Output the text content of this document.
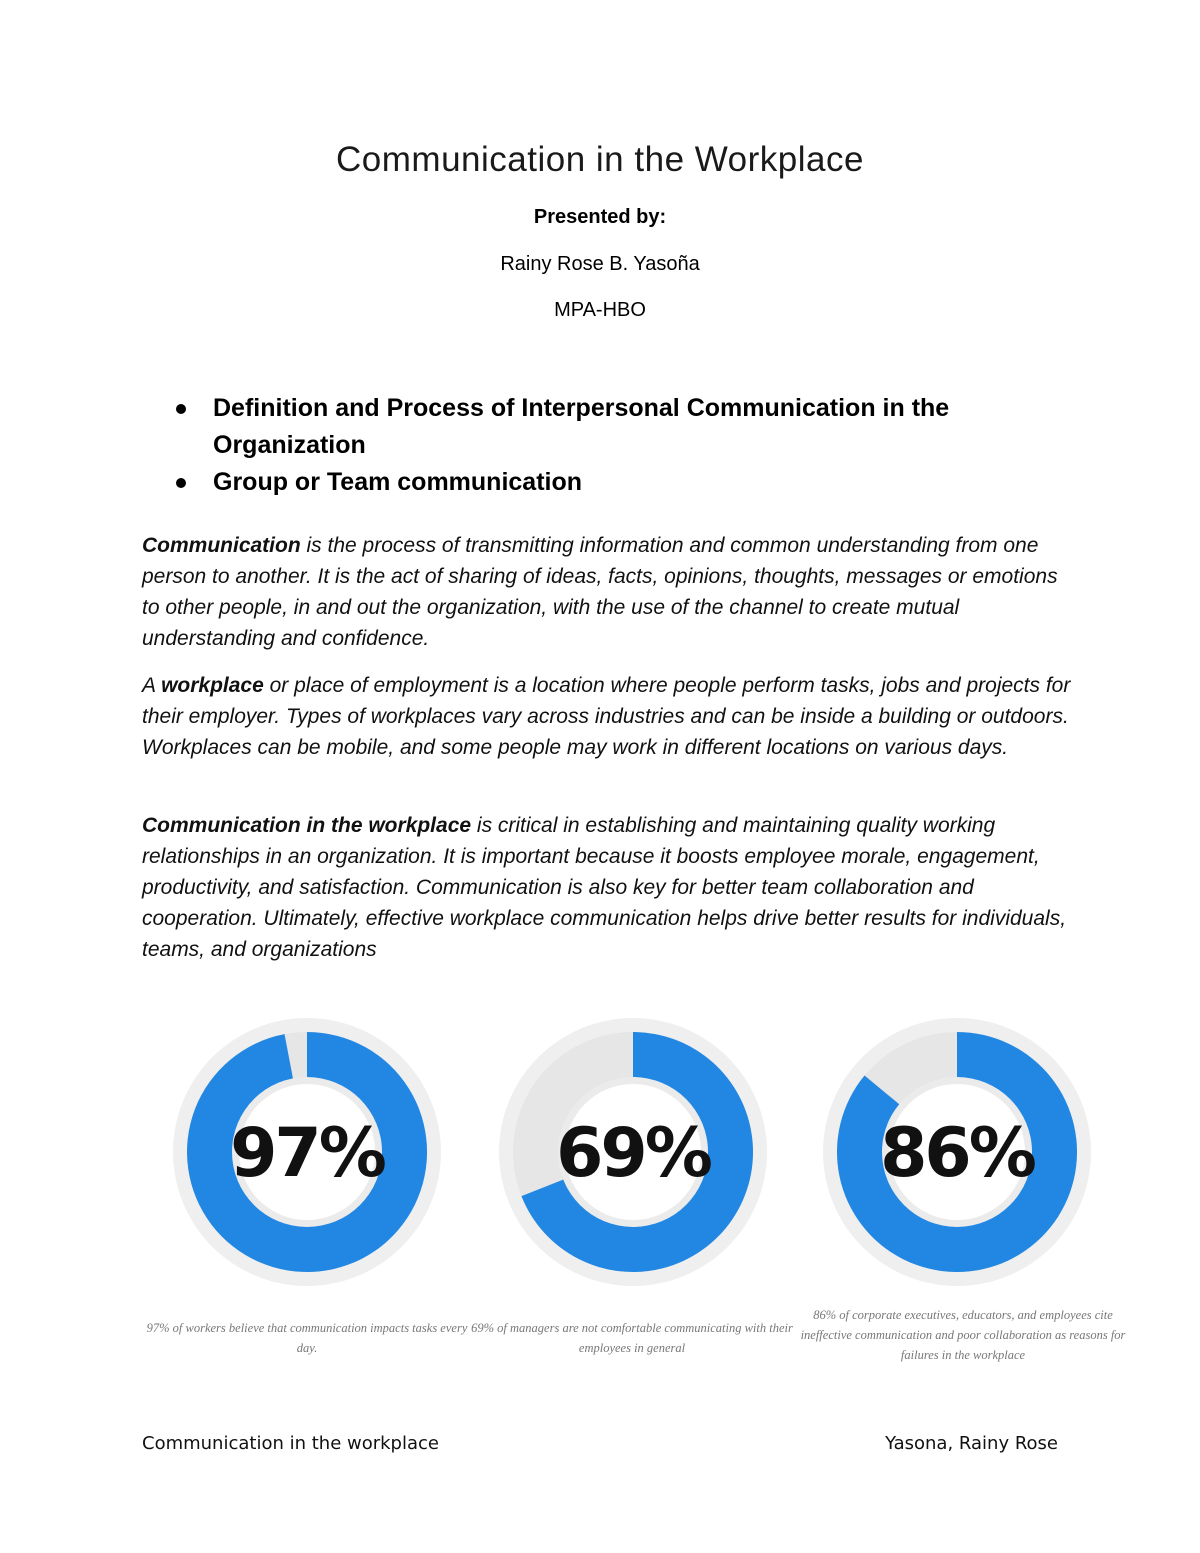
Communication in the Workplace
Presented by:
Rainy Rose B. Yasoña
MPA-HBO
Definition and Process of Interpersonal Communication in the Organization
Group or Team communication

Communication is the process of transmitting information and common understanding from one person to another. It is the act of sharing of ideas, facts, opinions, thoughts, messages or emotions to other people, in and out the organization, with the use of the channel to create mutual understanding and confidence.

A workplace or place of employment is a location where people perform tasks, jobs and projects for their employer. Types of workplaces vary across industries and can be inside a building or outdoors. Workplaces can be mobile, and some people may work in different locations on various days.

Communication in the workplace is critical in establishing and maintaining quality working relationships in an organization. It is important because it boosts employee morale, engagement, productivity, and satisfaction. Communication is also key for better team collaboration and cooperation. Ultimately, effective workplace communication helps drive better results for individuals, teams, and organizations

97%	69%	86%
97% of workers believe that communication impacts tasks every day.
69% of managers are not comfortable communicating with their employees in general
86% of corporate executives, educators, and employees cite ineffective communication and poor collaboration as reasons for failures in the workplace
Communication in the workplace	Yasona, Rainy Rose
